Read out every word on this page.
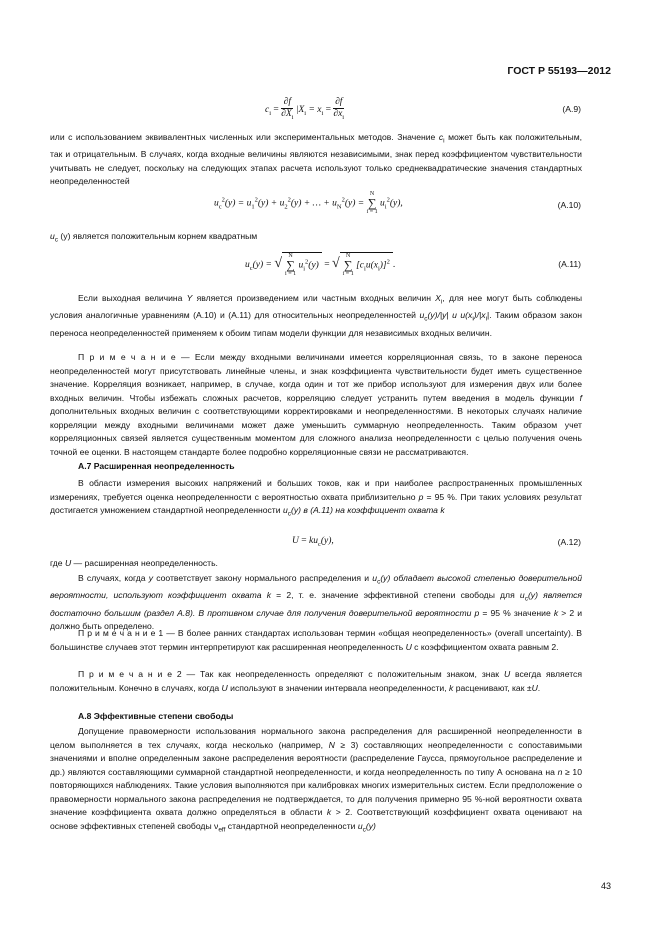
ГОСТ Р 55193—2012
$c_i = \frac{\partial f}{\partial X_i} |X_i = x_i = \frac{\partial f}{\partial x_i}$	(A.9)
или с использованием эквивалентных численных или экспериментальных методов. Значение $c_i$ может быть как положительным, так и отрицательным. В случаях, когда входные величины являются независимыми, знак перед коэффициентом чувствительности учитывать не следует, поскольку на следующих этапах расчета используют только среднеквадратические значения стандартных неопределенностей
$u_c^2(y) = u_1^2(y) + u_2^2(y)$ + … + $u_N^2(y)$ =
N
∑
i = 1
$u_i^2(y)$,	(A.10)
$u_c$ (y) является положительным корнем квадратным
$u_c(y)$ = √
N
∑
i = 1
$u_i^2(y)$ = √
N
∑
i = 1
$[c_iu(x_i)]^2$ .	(A.11)
Если выходная величина Y является произведением или частным входных величин $X_i$, для нее могут быть соблюдены условия аналогичные уравнениям (A.10) и (A.11) для относительных неопределенностей $u_c(y)/|y|$ и $u(x_i)/|x_i|$. Таким образом закон переноса неопределенностей применяем к обоим типам модели функции для независимых входных величин.
П р и м е ч а н и е — Если между входными величинами имеется корреляционная связь, то в законе переноса неопределенностей могут присутствовать линейные члены, и знак коэффициента чувствительности будет иметь существенное значение. Корреляция возникает, например, в случае, когда один и тот же прибор используют для измерения двух или более входных величин. Чтобы избежать сложных расчетов, корреляцию следует устранить путем введения в модель функции f дополнительных входных величин с соответствующими корректировками и неопределенностями. В некоторых случаях наличие корреляции между входными величинами может даже уменьшить суммарную неопределенность. Таким образом учет корреляционных связей является существенным моментом для сложного анализа неопределенности с целью получения очень точной ее оценки. В настоящем стандарте более подробно корреляционные связи не рассматриваются.
A.7 Расширенная неопределенность
В области измерения высоких напряжений и больших токов, как и при наиболее распространенных промышленных измерениях, требуется оценка неопределенности с вероятностью охвата приблизительно p = 95 %. При таких условиях результат достигается умножением стандартной неопределенности $u_c(y)$ в (A.11) на коэффициент охвата k
$U = ku_c(y)$,	(A.12)
где U — расширенная неопределенность.
В случаях, когда y соответствует закону нормального распределения и $u_c(y)$ обладает высокой степенью доверительной вероятности, используют коэффициент охвата k = 2, т. е. значение эффективной степени свободы для $u_c(y)$ является достаточно большим (раздел А.8). В противном случае для получения доверительной вероятности p = 95 % значение k > 2 и должно быть определено.
П р и м е ч а н и е 1 — В более ранних стандартах использован термин «общая неопределенность» (overall uncertainty). В большинстве случаев этот термин интерпретируют как расширенная неопределенность U с коэффициентом охвата равным 2.
П р и м е ч а н и е 2 — Так как неопределенность определяют с положительным знаком, знак U всегда является положительным. Конечно в случаях, когда U используют в значении интервала неопределенности, k расценивают, как ±U.
A.8 Эффективные степени свободы
Допущение правомерности использования нормального закона распределения для расширенной неопределенности в целом выполняется в тех случаях, когда несколько (например, N ≥ 3) составляющих неопределенности с сопоставимыми значениями и вполне определенным законе распределения вероятности (распределение Гаусса, прямоугольное распределение и др.) являются составляющими суммарной стандартной неопределенности, и когда неопределенность по типу А основана на n ≥ 10 повторяющихся наблюдениях. Такие условия выполняются при калибровках многих измерительных систем. Если предположение о правомерности нормального закона распределения не подтверждается, то для получения примерно 95 %-ной вероятности охвата значение коэффициента охвата должно определяться в области k > 2. Соответствующий коэффициент охвата оценивают на основе эффективных степеней свободы $\nu_{eff}$ стандартной неопределенности $u_c(y)$
43
